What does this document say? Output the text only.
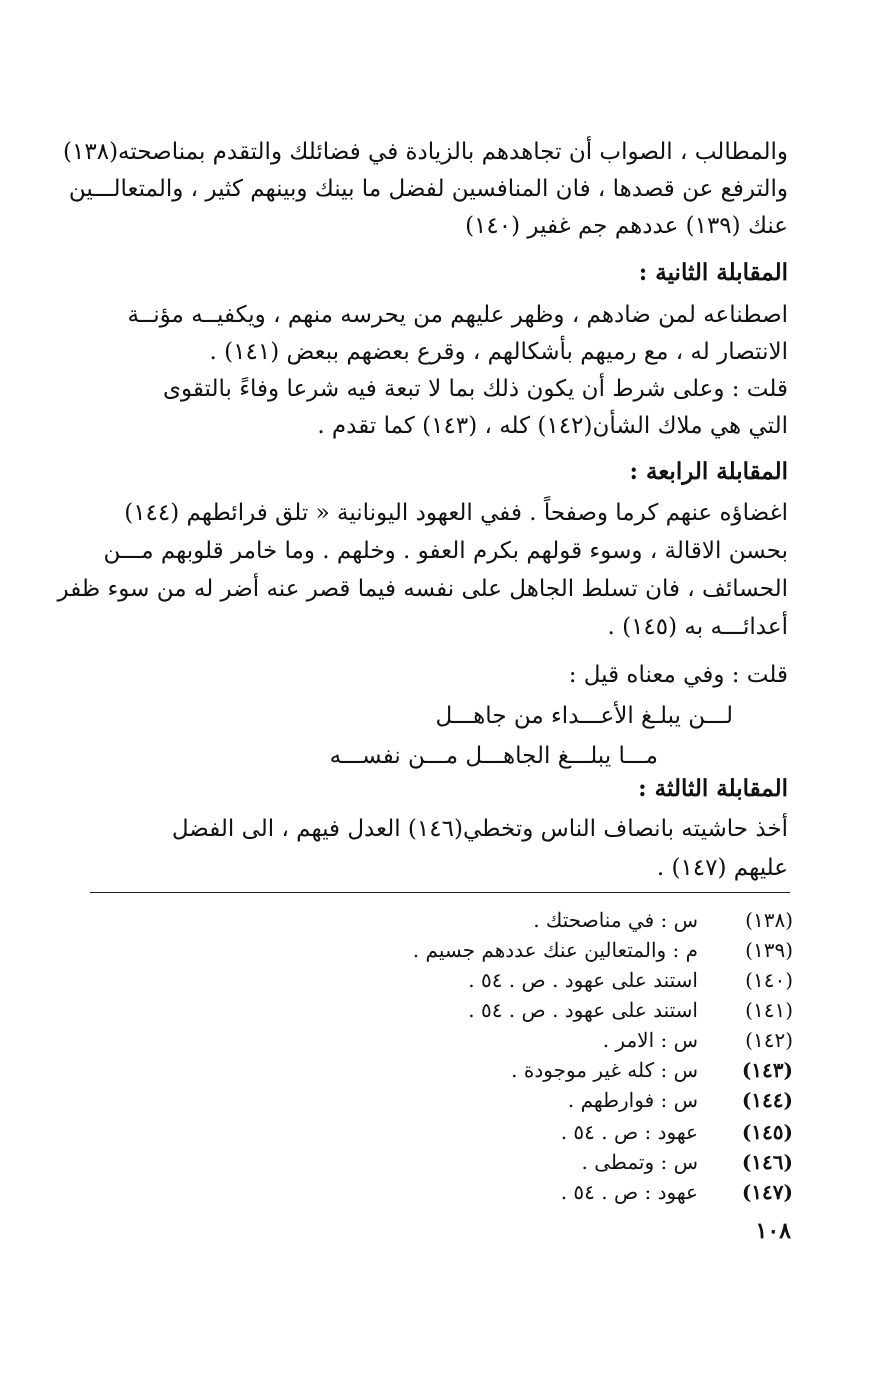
والمطالب ، الصواب أن تجاهدهم بالزيادة في فضائلك والتقدم بمناصحته(١٣٨)
والترفع عن قصدها ، فان المنافسين لفضل ما بينك وبينهم كثير ، والمتعالـــين
عنك (١٣٩) عددهم جم غفير (١٤٠)
المقابلة الثانية :
اصطناعه لمن ضادهم ، وظهر عليهم من يحرسه منهم ، ويكفيــه مؤنــة
الانتصار له ، مع رميهم بأشكالهم ، وقرع بعضهم ببعض (١٤١) .
قلت : وعلى شرط أن يكون ذلك بما لا تبعة فيه شرعا وفاءً بالتقوى
التي هي ملاك الشأن(١٤٢) كله ، (١٤٣) كما تقدم .
المقابلة الرابعة :
اغضاؤه عنهم كرما وصفحاً . ففي العهود اليونانية « تلق فرائطهم (١٤٤)
بحسن الاقالة ، وسوء قولهم بكرم العفو . وخلهم . وما خامر قلوبهم مـــن
الحسائف ، فان تسلط الجاهل على نفسه فيما قصر عنه أضر له من سوء ظفر
أعدائـــه به (١٤٥) .
قلت : وفي معناه قيل :
لـــن يبلـغ الأعـــداء من جاهـــل
مـــا يبلـــغ الجاهـــل مـــن نفســـه
المقابلة الثالثة :
أخذ حاشيته بانصاف الناس وتخطي(١٤٦) العدل فيهم ، الى الفضل
عليهم (١٤٧) .
(١٣٨)
س : في مناصحتك .
(١٣٩)
م : والمتعالين عنك عددهم جسيم .
(١٤٠)
استند على عهود . ص . ٥٤ .
(١٤١)
استند على عهود . ص . ٥٤ .
(١٤٢)
س : الامر .
(١٤٣)
س : كله غير موجودة .
(١٤٤)
س : فوارطهم .
(١٤٥)
عهود : ص . ٥٤ .
(١٤٦)
س : وتمطى .
(١٤٧)
عهود : ص . ٥٤ .
١٠٨
